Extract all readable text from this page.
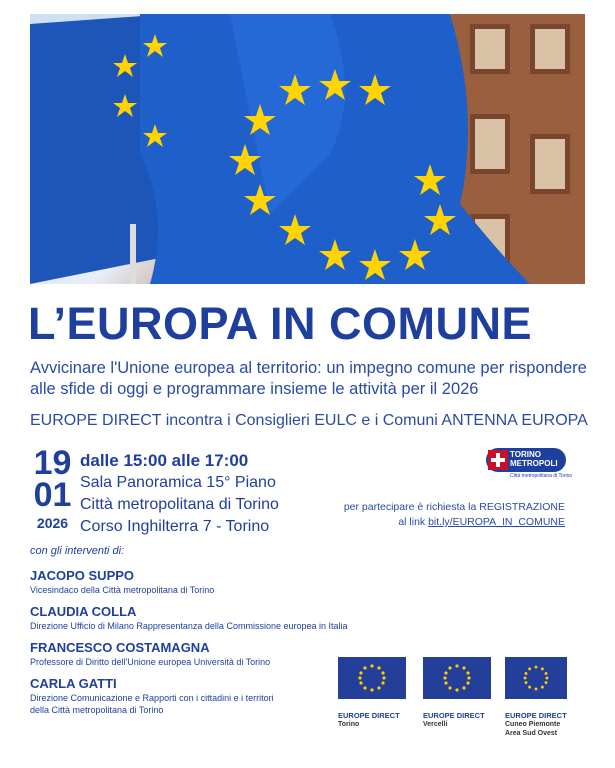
L’EUROPA IN COMUNE
Avvicinare l'Unione europea al territorio: un impegno comune per rispondere alle sfide di oggi e programmare insieme le attività per il 2026
EUROPE DIRECT incontra i Consiglieri EULC e i Comuni ANTENNA EUROPA
19
01
2026
dalle 15:00 alle 17:00
Sala Panoramica 15° Piano
Città metropolitana di Torino
Corso Inghilterra 7 - Torino
TORINO
METROPOLI
Città metropolitana di Torino
per partecipare è richiesta la REGISTRAZIONE
al link bit.ly/EUROPA_IN_COMUNE
con gli interventi di:
JACOPO SUPPO
Vicesindaco della Città metropolitana di Torino
CLAUDIA COLLA
Direzione Ufficio di Milano Rappresentanza della Commissione europea in Italia
FRANCESCO COSTAMAGNA
Professore di Diritto dell'Unione europea Università di Torino
CARLA GATTI
Direzione Comunicazione e Rapporti con i cittadini e i territori
della Città metropolitana di Torino
EUROPE DIRECT
Torino
EUROPE DIRECT
Vercelli
EUROPE DIRECT
Cuneo Piemonte
Area Sud Ovest
